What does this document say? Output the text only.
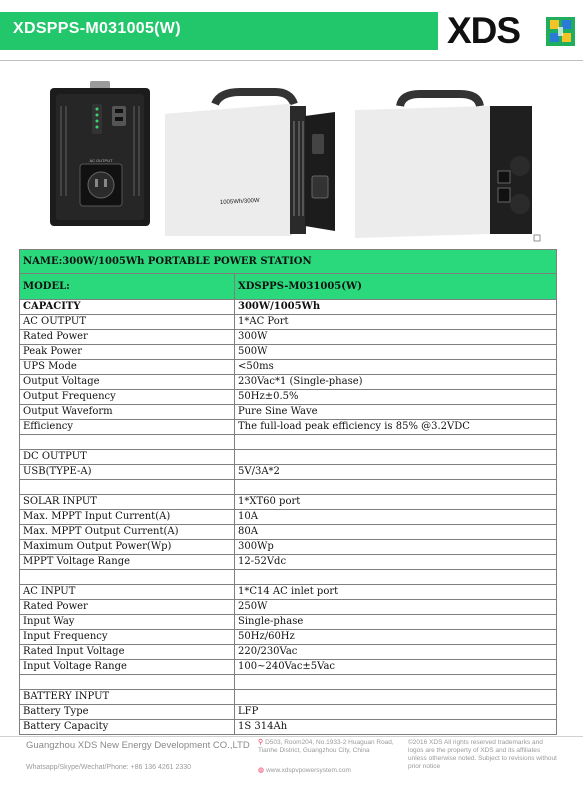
XDSPPS-M031005(W)	XDS
AC OUTPUT
1005Wh/300W
NAME:300W/1005Wh PORTABLE POWER STATION	
MODEL:	XDSPPS-M031005(W)
CAPACITY	300W/1005Wh
AC OUTPUT	1*AC Port
Rated Power	300W
Peak Power	500W
UPS Mode	<50ms
Output Voltage	230Vac*1 (Single-phase)
Output Frequency	50Hz±0.5%
Output Waveform	Pure Sine Wave
Efficiency	The full-load peak efficiency is 85% @3.2VDC

DC OUTPUT	
USB(TYPE-A)	5V/3A*2

SOLAR INPUT	1*XT60 port
Max. MPPT Input Current(A)	10A
Max. MPPT Output Current(A)	80A
Maximum Output Power(Wp)	300Wp
MPPT Voltage Range	12-52Vdc

AC INPUT	1*C14 AC inlet port
Rated Power	250W
Input Way	Single-phase
Input Frequency	50Hz/60Hz
Rated Input Voltage	220/230Vac
Input Voltage Range	100~240Vac±5Vac

BATTERY INPUT	
Battery Type	LFP
Battery Capacity	1S 314Ah
Guangzhou XDS New Energy Development CO.,LTD ⚲ D503, Room204, No.1933-2 Huaguan Road, Tianhe District, Guangzhou City, China
©2016 XDS All rights reserved trademarks and logos are the property of XDS and its affiliates unless otherwise noted. Subject to revisions without prior notice
Whatsapp/Skype/Wechat/Phone: +86 136 4261 2330	◍ www.xdspvpowersystem.com
